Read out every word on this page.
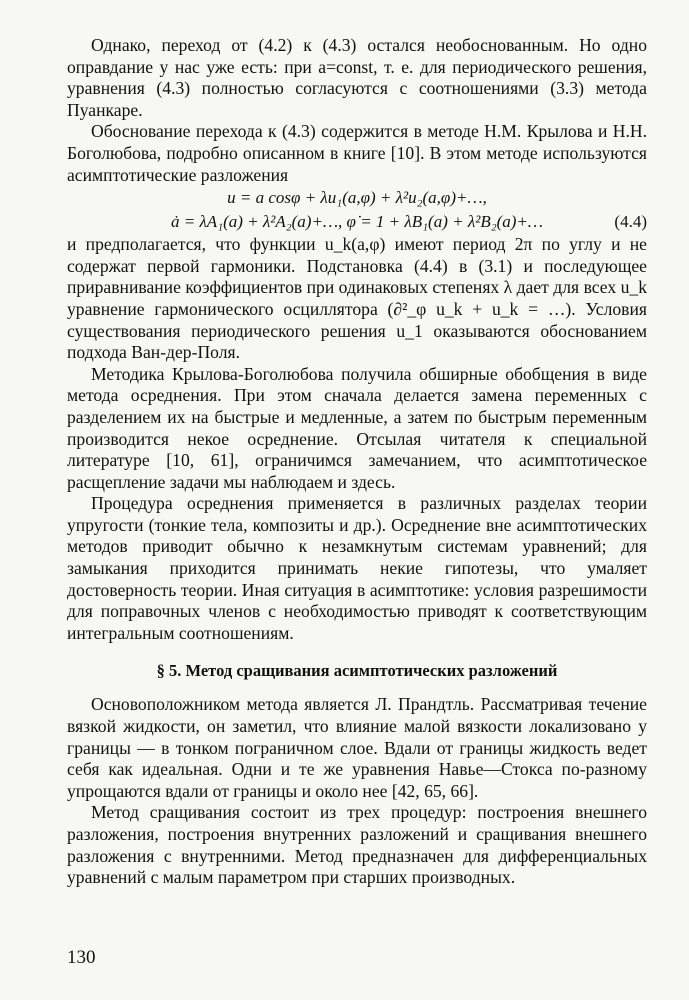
Однако, переход от (4.2) к (4.3) остался необоснованным. Но одно оправдание у нас уже есть: при a=const, т. е. для периодического решения, уравнения (4.3) полностью согласуются с соотношениями (3.3) метода Пуанкаре.

Обоснование перехода к (4.3) содержится в методе Н.М. Крылова и Н.Н. Боголюбова, подробно описанном в книге [10]. В этом методе используются асимптотические разложения

u = a cosφ + λu₁(a,φ) + λ²u₂(a,φ)+…,
ȧ = λA₁(a) + λ²A₂(a)+…, φ̇ = 1 + λB₁(a) + λ²B₂(a)+…	(4.4)

и предполагается, что функции u_k(a,φ) имеют период 2π по углу и не содержат первой гармоники. Подстановка (4.4) в (3.1) и последующее приравнивание коэффициентов при одинаковых степенях λ дает для всех u_k уравнение гармонического осциллятора (∂²_φ u_k + u_k = …). Условия существования периодического решения u_1 оказываются обоснованием подхода Ван-дер-Поля.

Методика Крылова-Боголюбова получила обширные обобщения в виде метода осреднения. При этом сначала делается замена переменных с разделением их на быстрые и медленные, а затем по быстрым переменным производится некое осреднение. Отсылая читателя к специальной литературе [10, 61], ограничимся замечанием, что асимптотическое расщепление задачи мы наблюдаем и здесь.

Процедура осреднения применяется в различных разделах теории упругости (тонкие тела, композиты и др.). Осреднение вне асимптотических методов приводит обычно к незамкнутым системам уравнений; для замыкания приходится принимать некие гипотезы, что умаляет достоверность теории. Иная ситуация в асимптотике: условия разрешимости для поправочных членов с необходимостью приводят к соответствующим интегральным соотношениям.

§ 5. Метод сращивания асимптотических разложений

Основоположником метода является Л. Прандтль. Рассматривая течение вязкой жидкости, он заметил, что влияние малой вязкости локализовано у границы — в тонком пограничном слое. Вдали от границы жидкость ведет себя как идеальная. Одни и те же уравнения Навье—Стокса по-разному упрощаются вдали от границы и около нее [42, 65, 66].

Метод сращивания состоит из трех процедур: построения внешнего разложения, построения внутренних разложений и сращивания внешнего разложения с внутренними. Метод предназначен для дифференциальных уравнений с малым параметром при старших производных.

130
